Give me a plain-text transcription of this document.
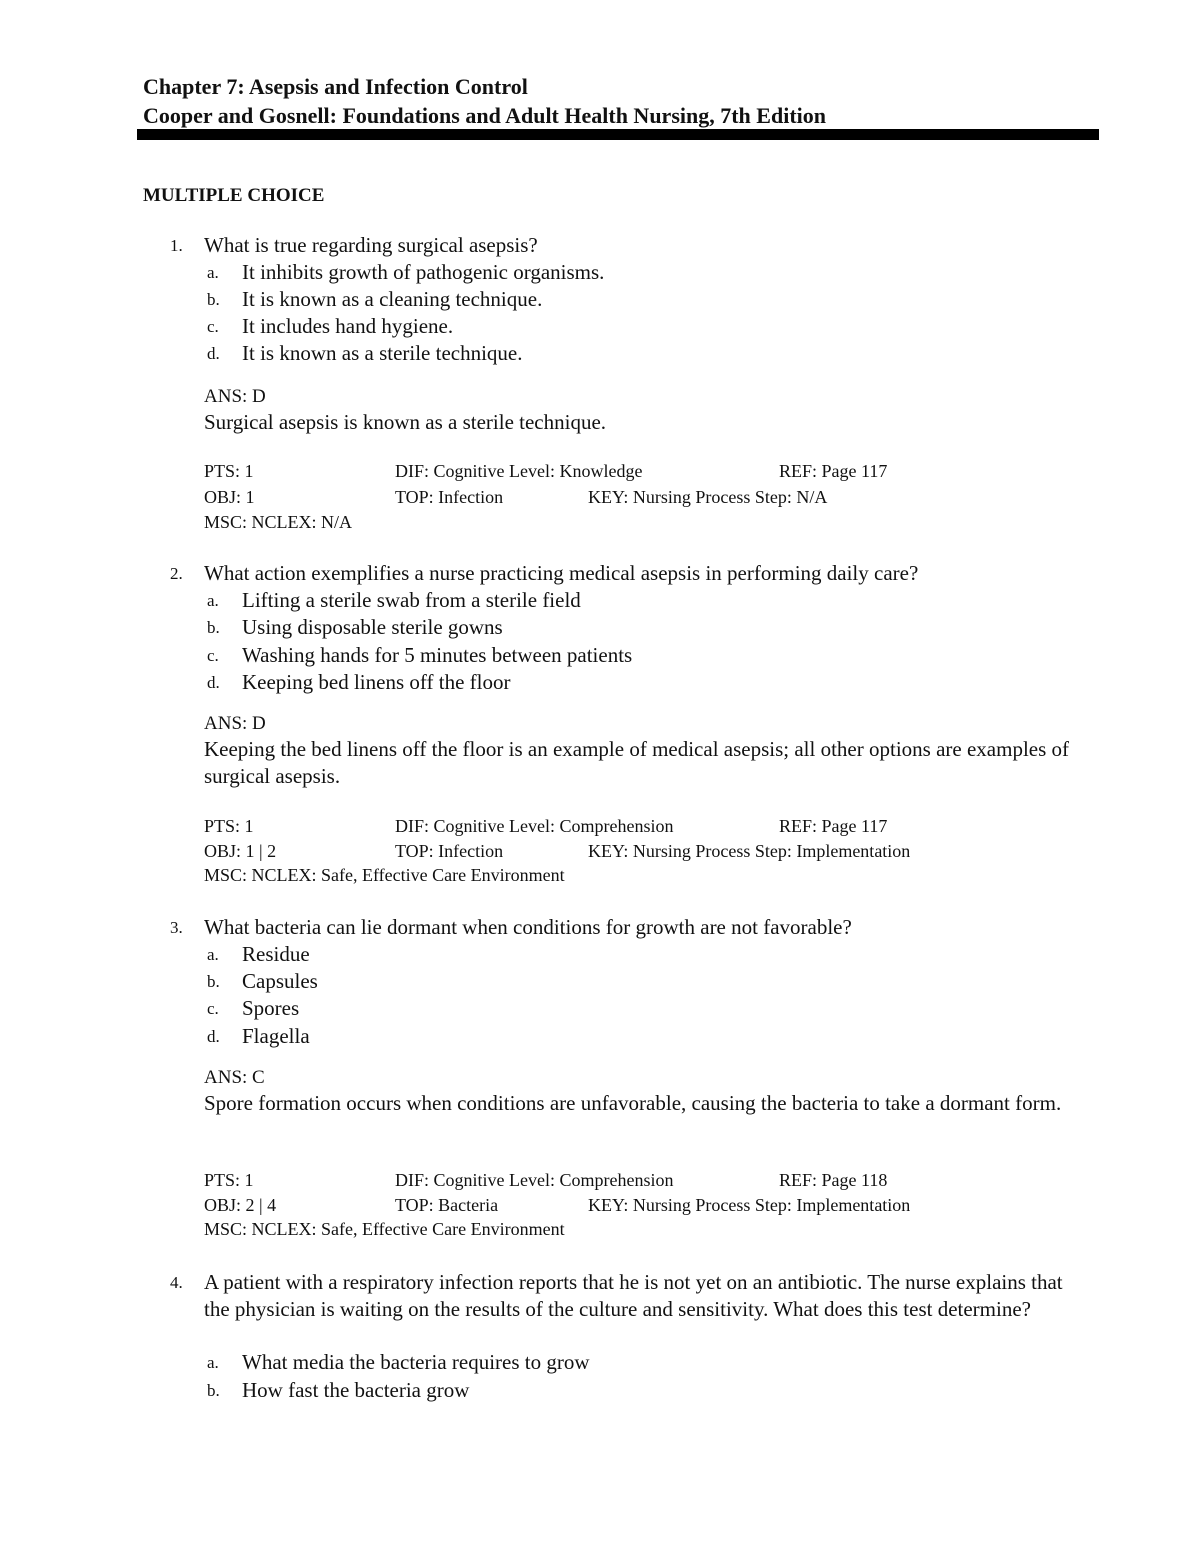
Chapter 7: Asepsis and Infection Control
Cooper and Gosnell: Foundations and Adult Health Nursing, 7th Edition
MULTIPLE CHOICE
1. What is true regarding surgical asepsis?
a. It inhibits growth of pathogenic organisms.
b. It is known as a cleaning technique.
c. It includes hand hygiene.
d. It is known as a sterile technique.
ANS: D
Surgical asepsis is known as a sterile technique.
PTS: 1	DIF: Cognitive Level: Knowledge	REF: Page 117
OBJ: 1	TOP: Infection	KEY: Nursing Process Step: N/A
MSC: NCLEX: N/A
2. What action exemplifies a nurse practicing medical asepsis in performing daily care?
a. Lifting a sterile swab from a sterile field
b. Using disposable sterile gowns
c. Washing hands for 5 minutes between patients
d. Keeping bed linens off the floor
ANS: D
Keeping the bed linens off the floor is an example of medical asepsis; all other options are examples of surgical asepsis.
PTS: 1	DIF: Cognitive Level: Comprehension	REF: Page 117
OBJ: 1 | 2	TOP: Infection	KEY: Nursing Process Step: Implementation
MSC: NCLEX: Safe, Effective Care Environment
3. What bacteria can lie dormant when conditions for growth are not favorable?
a. Residue
b. Capsules
c. Spores
d. Flagella
ANS: C
Spore formation occurs when conditions are unfavorable, causing the bacteria to take a dormant form.
PTS: 1	DIF: Cognitive Level: Comprehension	REF: Page 118
OBJ: 2 | 4	TOP: Bacteria	KEY: Nursing Process Step: Implementation
MSC: NCLEX: Safe, Effective Care Environment
4. A patient with a respiratory infection reports that he is not yet on an antibiotic. The nurse explains that the physician is waiting on the results of the culture and sensitivity. What does this test determine?
a. What media the bacteria requires to grow
b. How fast the bacteria grow
